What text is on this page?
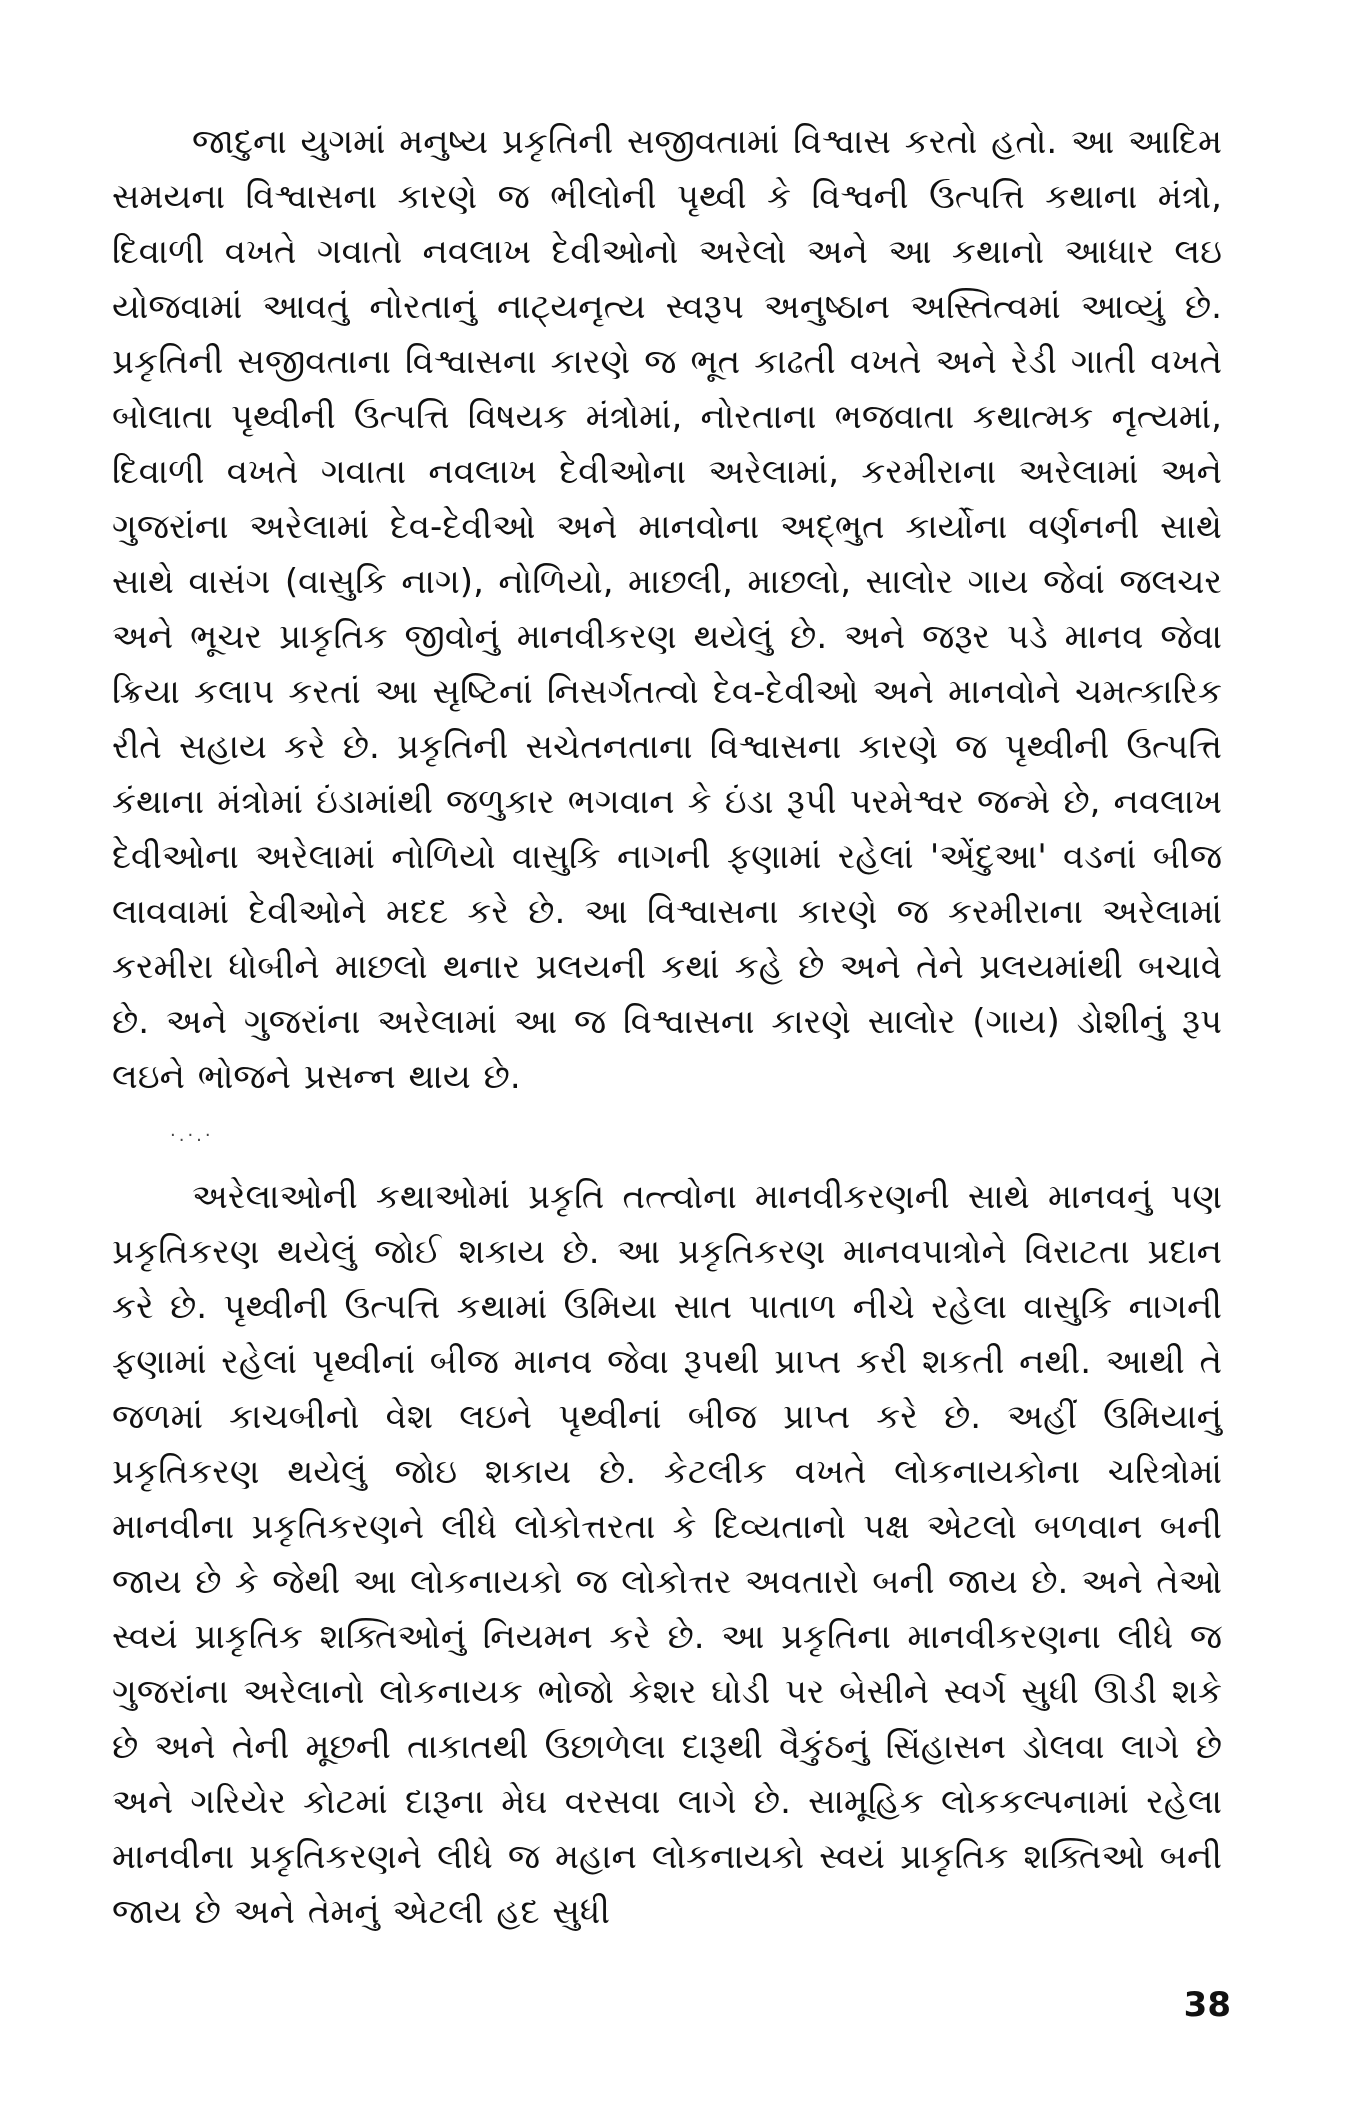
જાદુના યુગમાં મનુષ્ય પ્રકૃતિની સજીવતામાં વિશ્વાસ કરતો હતો. આ આદિમ સમયના વિશ્વાસના કારણે જ ભીલોની પૃથ્વી કે વિશ્વની ઉત્પત્તિ કથાના મંત્રો, દિવાળી વખતે ગવાતો નવલાખ દેવીઓનો અરેલો અને આ કથાનો આધાર લઇ યોજવામાં આવતું નોરતાનું નાટ્યનૃત્ય સ્વરૂપ અનુષ્ઠાન અસ્તિત્વમાં આવ્યું છે. પ્રકૃતિની સજીવતાના વિશ્વાસના કારણે જ ભૂત કાઢતી વખતે અને રેડી ગાતી વખતે બોલાતા પૃથ્વીની ઉત્પત્તિ વિષયક મંત્રોમાં, નોરતાના ભજવાતા કથાત્મક નૃત્યમાં, દિવાળી વખતે ગવાતા નવલાખ દેવીઓના અરેલામાં, કરમીરાના અરેલામાં અને ગુજરાંના અરેલામાં દેવ-દેવીઓ અને માનવોના અદ્ભુત કાર્યોના વર્ણનની સાથે સાથે વાસંગ (વાસુકિ નાગ), નોળિયો, માછલી, માછલો, સાલોર ગાય જેવાં જલચર અને ભૂચર પ્રાકૃતિક જીવોનું માનવીકરણ થયેલું છે. અને જરૂર પડે માનવ જેવા ક્રિયા કલાપ કરતાં આ સૃષ્ટિનાં નિસર્ગતત્વો દેવ-દેવીઓ અને માનવોને ચમત્કારિક રીતે સહાય કરે છે. પ્રકૃતિની સચેતનતાના વિશ્વાસના કારણે જ પૃથ્વીની ઉત્પત્તિ કંથાના મંત્રોમાં ઇંડામાંથી જળુકાર ભગવાન કે ઇંડા રૂપી પરમેશ્વર જન્મે છે, નવલાખ દેવીઓના અરેલામાં નોળિયો વાસુકિ નાગની ફણામાં રહેલાં 'એંદુઆ' વડનાં બીજ લાવવામાં દેવીઓને મદદ કરે છે. આ વિશ્વાસના કારણે જ કરમીરાના અરેલામાં કરમીરા ધોબીને માછલો થનાર પ્રલયની કથાં કહે છે અને તેને પ્રલયમાંથી બચાવે છે. અને ગુજરાંના અરેલામાં આ જ વિશ્વાસના કારણે સાલોર (ગાય) ડોશીનું રૂપ લઇને ભોજને પ્રસન્ન થાય છે.

·.·.·

અરેલાઓની કથાઓમાં પ્રકૃતિ તત્ત્વોના માનવીકરણની સાથે માનવનું પણ પ્રકૃતિકરણ થયેલું જોઈ શકાય છે. આ પ્રકૃતિકરણ માનવપાત્રોને વિરાટતા પ્રદાન કરે છે. પૃથ્વીની ઉત્પત્તિ કથામાં ઉમિયા સાત પાતાળ નીચે રહેલા વાસુકિ નાગની ફણામાં રહેલાં પૃથ્વીનાં બીજ માનવ જેવા રૂપથી પ્રાપ્ત કરી શકતી નથી. આથી તે જળમાં કાચબીનો વેશ લઇને પૃથ્વીનાં બીજ પ્રાપ્ત કરે છે. અહીં ઉમિયાનું પ્રકૃતિકરણ થયેલું જોઇ શકાય છે. કેટલીક વખતે લોકનાયકોના ચરિત્રોમાં માનવીના પ્રકૃતિકરણને લીધે લોકોત્તરતા કે દિવ્યતાનો પક્ષ એટલો બળવાન બની જાય છે કે જેથી આ લોકનાયકો જ લોકોત્તર અવતારો બની જાય છે. અને તેઓ સ્વયં પ્રાકૃતિક શક્તિઓનું નિયમન કરે છે. આ પ્રકૃતિના માનવીકરણના લીધે જ ગુજરાંના અરેલાનો લોકનાયક ભોજો કેશર ઘોડી પર બેસીને સ્વર્ગ સુધી ઊડી શકે છે અને તેની મૂછની તાકાતથી ઉછાળેલા દારૂથી વૈકુંઠનું સિંહાસન ડોલવા લાગે છે અને ગરિયેર કોટમાં દારૂના મેઘ વરસવા લાગે છે. સામૂહિક લોકકલ્પનામાં રહેલા માનવીના પ્રકૃતિકરણને લીધે જ મહાન લોકનાયકો સ્વયં પ્રાકૃતિક શક્તિઓ બની જાય છે અને તેમનું એટલી હદ સુધી

38
